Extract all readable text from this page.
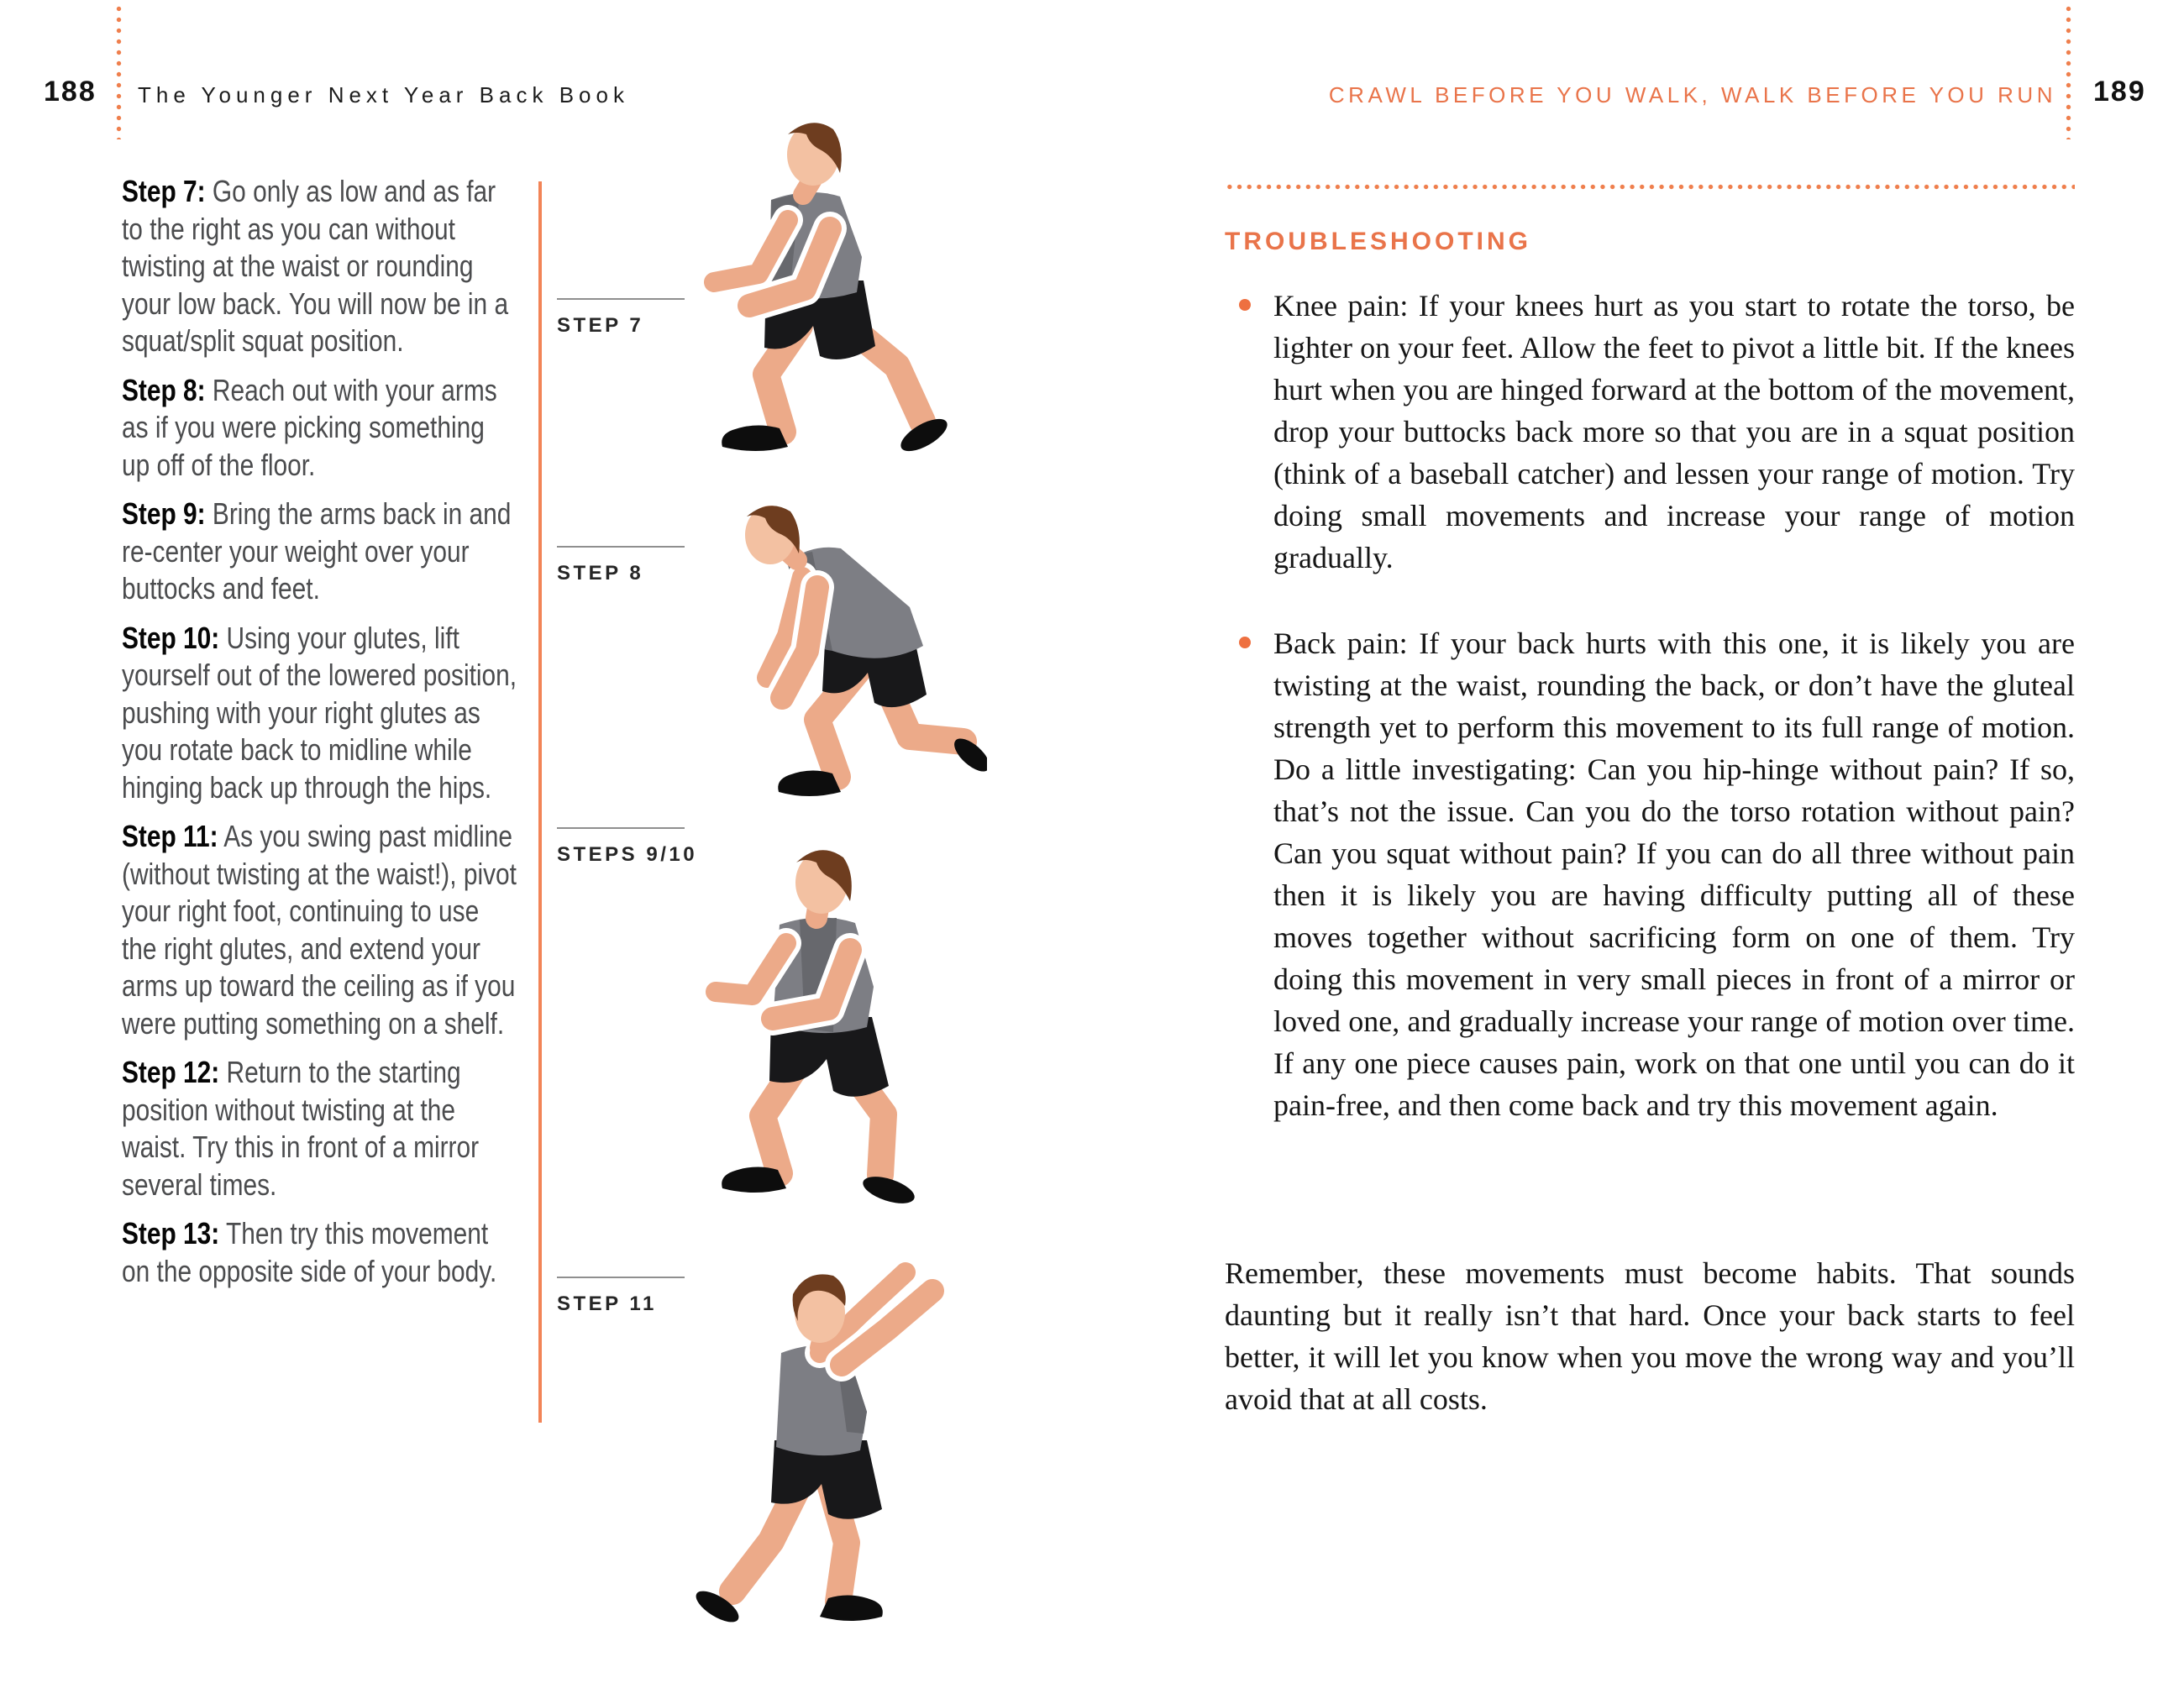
188 The Younger Next Year Back Book	CRAWL BEFORE YOU WALK, WALK BEFORE YOU RUN 189

Step 7: Go only as low and as far to the right as you can without twisting at the waist or rounding your low back. You will now be in a squat/split squat position.

Step 8: Reach out with your arms as if you were picking something up off of the floor.

Step 9: Bring the arms back in and re-center your weight over your buttocks and feet.

Step 10: Using your glutes, lift yourself out of the lowered position, pushing with your right glutes as you rotate back to midline while hinging back up through the hips.

Step 11: As you swing past midline (without twisting at the waist!), pivot your right foot, continuing to use the right glutes, and extend your arms up toward the ceiling as if you were putting something on a shelf.

Step 12: Return to the starting position without twisting at the waist. Try this in front of a mirror several times.

Step 13: Then try this movement on the opposite side of your body.

STEP 7
STEP 8
STEPS 9/10
STEP 11
TROUBLESHOOTING
Knee pain: If your knees hurt as you start to rotate the torso, be lighter on your feet. Allow the feet to pivot a little bit. If the knees hurt when you are hinged forward at the bottom of the movement, drop your buttocks back more so that you are in a squat position (think of a baseball catcher) and lessen your range of motion. Try doing small movements and increase your range of motion gradually.
Back pain: If your back hurts with this one, it is likely you are twisting at the waist, rounding the back, or don’t have the gluteal strength yet to perform this movement to its full range of motion. Do a little investigating: Can you hip-hinge without pain? If so, that’s not the issue. Can you do the torso rotation without pain? Can you squat without pain? If you can do all three without pain then it is likely you are having difficulty putting all of these moves together without sacrificing form on one of them. Try doing this movement in very small pieces in front of a mirror or loved one, and gradually increase your range of motion over time. If any one piece causes pain, work on that one until you can do it pain-free, and then come back and try this movement again.

Remember, these movements must become habits. That sounds daunting but it really isn’t that hard. Once your back starts to feel better, it will let you know when you move the wrong way and you’ll avoid that at all costs.
